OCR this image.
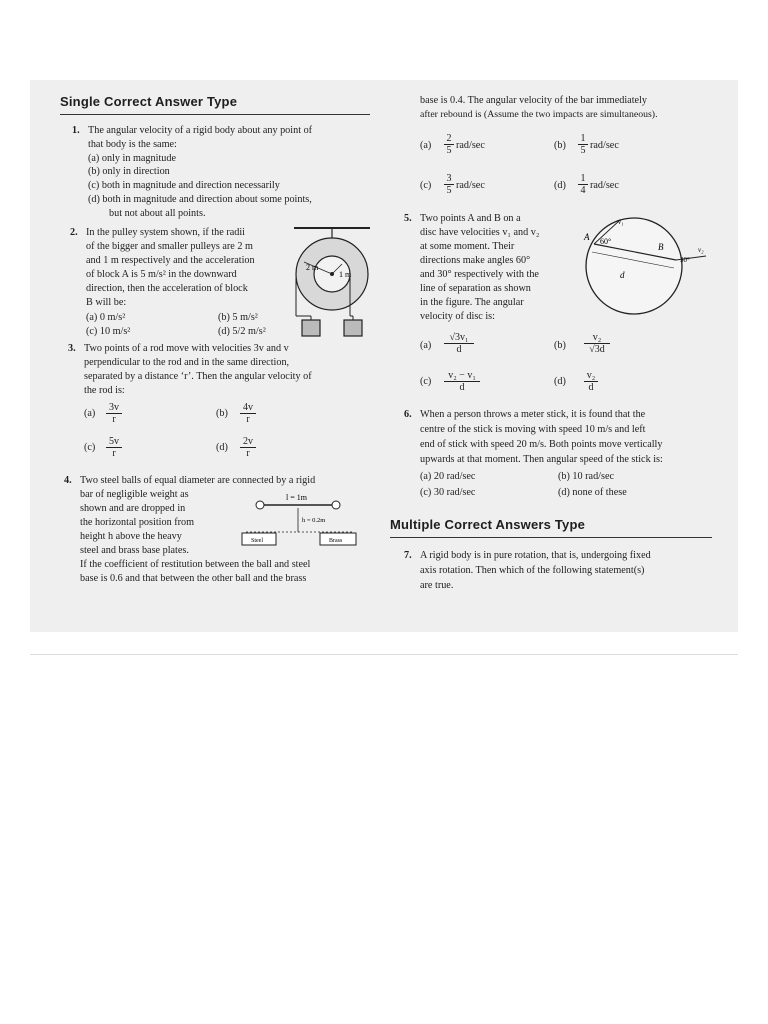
Single Correct Answer Type
1. The angular velocity of a rigid body about any point of
that body is the same:
(a) only in magnitude
(b) only in direction
(c) both in magnitude and direction necessarily
(d) both in magnitude and direction about some points,
but not about all points.
2. In the pulley system shown, if the radii
of the bigger and smaller pulleys are 2 m
and 1 m respectively and the acceleration
of block A is 5 m/s² in the downward
direction, then the acceleration of block
B will be:
(a) 0 m/s²	(b) 5 m/s²
(c) 10 m/s²	(d) 5/2 m/s²
2 m
1 m
3. Two points of a rod move with velocities 3v and v
perpendicular to the rod and in the same direction,
separated by a distance ‘r’. Then the angular velocity of
the rod is:
$(a) \frac{3v}{r}$	$(b) \frac{4v}{r}$
$(c) \frac{5v}{r}$	$(d) \frac{2v}{r}$
4. Two steel balls of equal diameter are connected by a rigid
bar of negligible weight as
shown and are dropped in
the horizontal position from
height h above the heavy
steel and brass base plates.
If the coefficient of restitution between the ball and steel
base is 0.6 and that between the other ball and the brass
l = 1m
h = 0.2m
Steel	Brass
base is 0.4. The angular velocity of the bar immediately
after rebound is (Assume the two impacts are simultaneous).
$(a) \frac{2}{5} rad/\sec$	$(b) \frac{1}{5} rad/\sec$
$(c) \frac{3}{5} rad/\sec$	$(d) \frac{1}{4} rad/\sec$
5. Two points A and B on a
disc have velocities v₁ and v₂
at some moment. Their
directions make angles 60°
and 30° respectively with the
line of separation as shown
in the figure. The angular
velocity of disc is:
A
B
v₁
v₂
60°
30°
d
$(a) \frac{\text{√3v₁}}{d}$	$(b) \frac{\text{v₂}}{√3d}$
$(c) \frac{\text{v₂ − v₁}}{d}$	$(d) \frac{\text{v₂}}{d}$
6. When a person throws a meter stick, it is found that the
centre of the stick is moving with speed 10 m/s and left
end of stick with speed 20 m/s. Both points move vertically
upwards at that moment. Then angular speed of the stick is:
(a) 20 rad/sec	(b) 10 rad/sec
(c) 30 rad/sec	(d) none of these
Multiple Correct Answers Type
7. A rigid body is in pure rotation, that is, undergoing fixed
axis rotation. Then which of the following statement(s)
are true.
